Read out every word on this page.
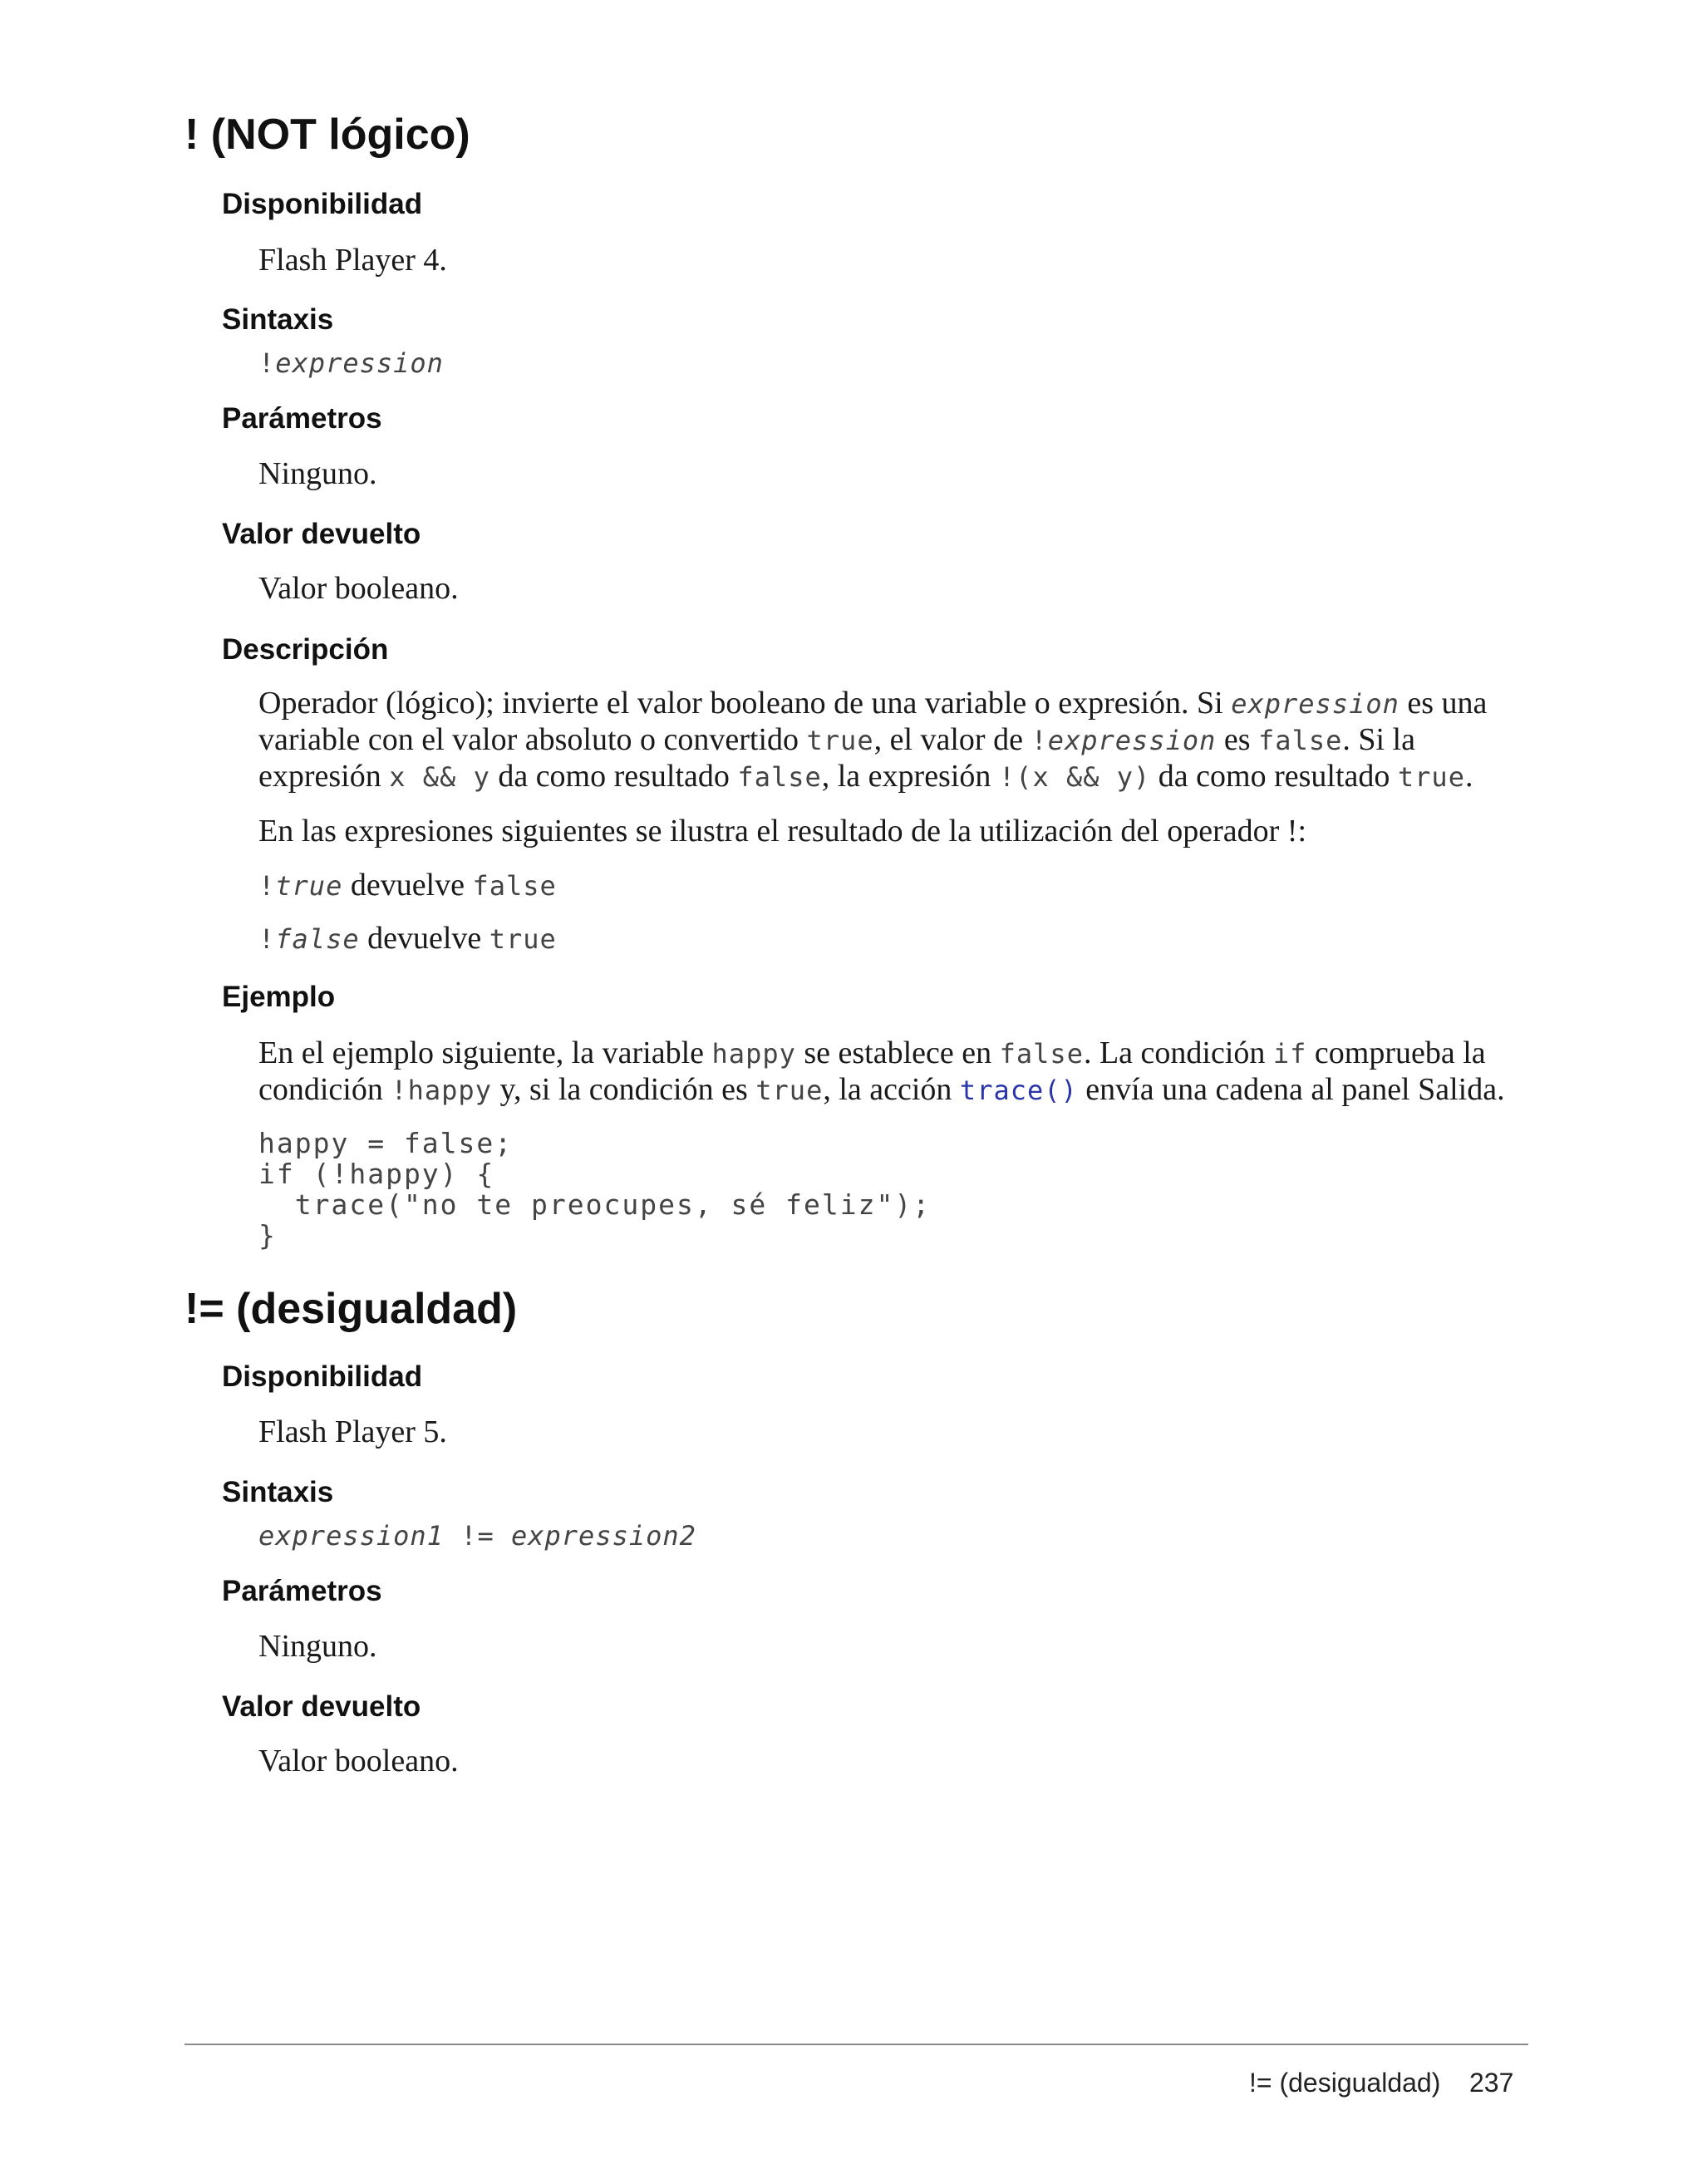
! (NOT lógico)
Disponibilidad

Flash Player 4.

Sintaxis

!expression

Parámetros

Ninguno.

Valor devuelto

Valor booleano.

Descripción

Operador (lógico); invierte el valor booleano de una variable o expresión. Si expression es una

variable con el valor absoluto o convertido true, el valor de !expression es false. Si la

expresión x && y da como resultado false, la expresión !(x && y) da como resultado true.

En las expresiones siguientes se ilustra el resultado de la utilización del operador !:

!true devuelve false

!false devuelve true

Ejemplo

En el ejemplo siguiente, la variable happy se establece en false. La condición if comprueba la

condición !happy y, si la condición es true, la acción trace() envía una cadena al panel Salida.

happy = false;
if (!happy) {
trace("no te preocupes, sé feliz");
}
!= (desigualdad)
Disponibilidad

Flash Player 5.

Sintaxis

expression1 != expression2

Parámetros

Ninguno.

Valor devuelto

Valor booleano.

!= (desigualdad) 237
